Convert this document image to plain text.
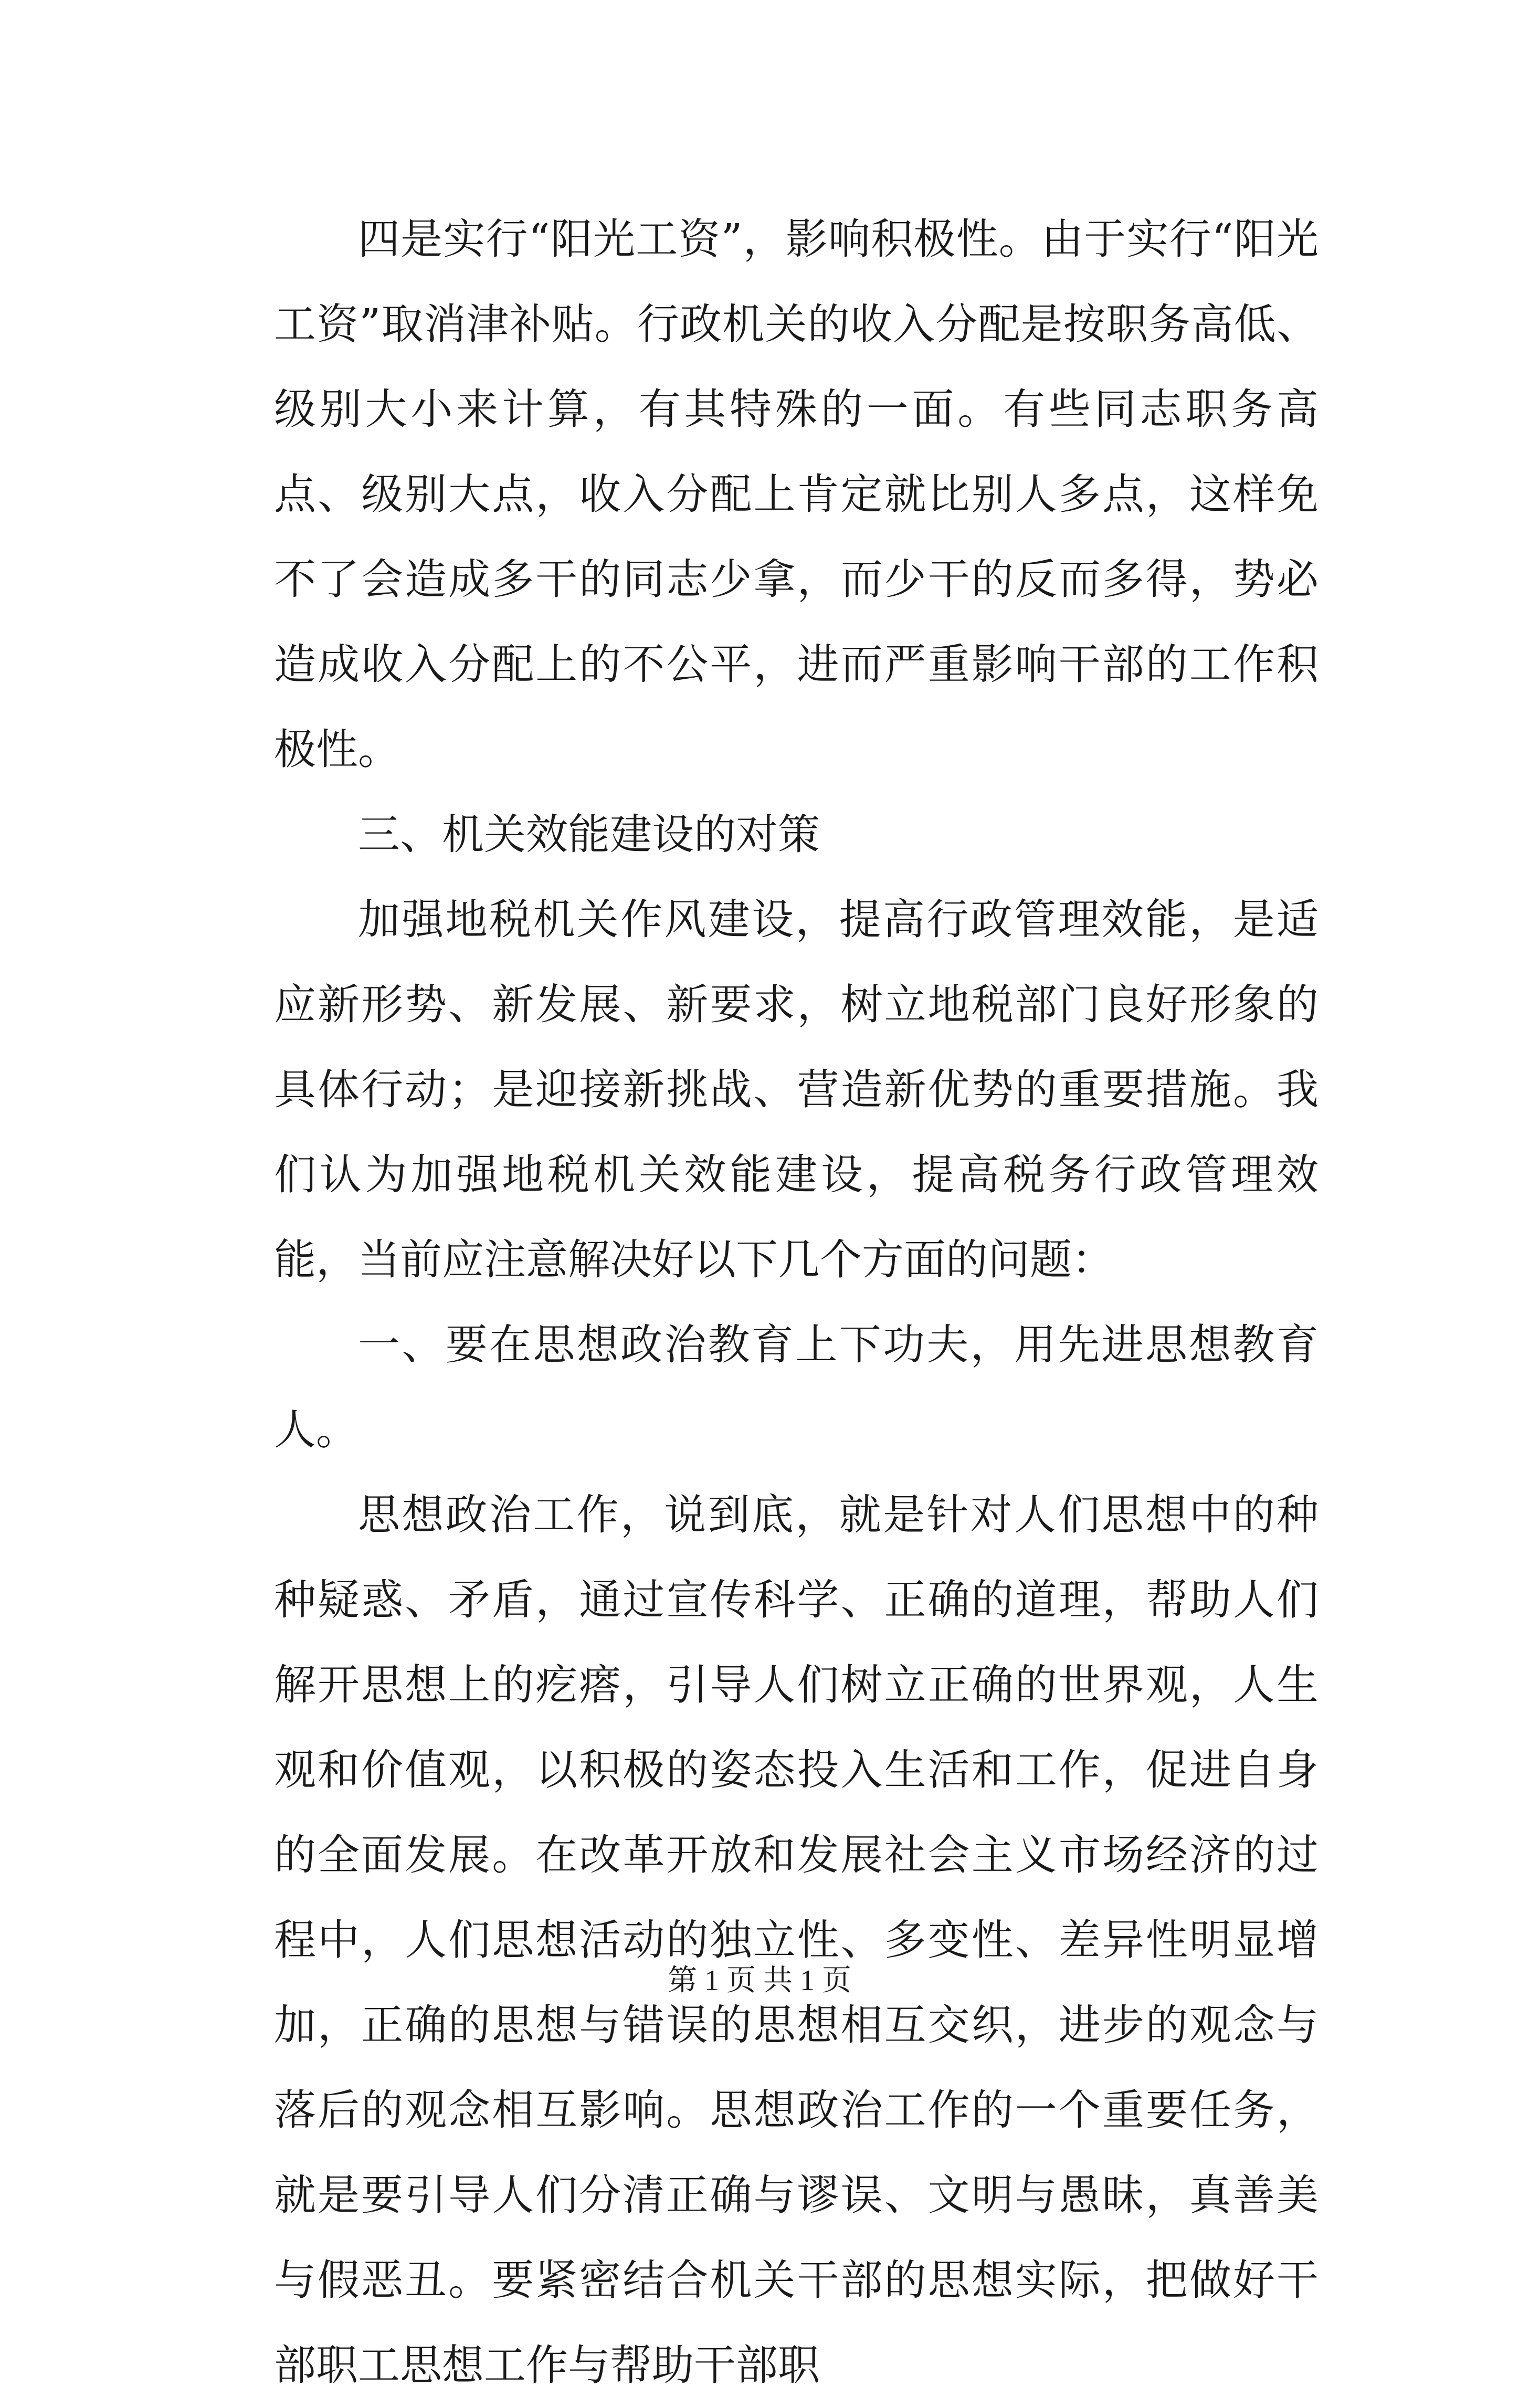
四是实行“阳光工资”，影响积极性。由于实行“阳光工资”取消津补贴。行政机关的收入分配是按职务高低、级别大小来计算，有其特殊的一面。有些同志职务高点、级别大点，收入分配上肯定就比别人多点，这样免不了会造成多干的同志少拿，而少干的反而多得，势必造成收入分配上的不公平，进而严重影响干部的工作积极性。

三、机关效能建设的对策

加强地税机关作风建设，提高行政管理效能，是适应新形势、新发展、新要求，树立地税部门良好形象的具体行动；是迎接新挑战、营造新优势的重要措施。我们认为加强地税机关效能建设，提高税务行政管理效能，当前应注意解决好以下几个方面的问题：

一、要在思想政治教育上下功夫，用先进思想教育人。

思想政治工作，说到底，就是针对人们思想中的种种疑惑、矛盾，通过宣传科学、正确的道理，帮助人们解开思想上的疙瘩，引导人们树立正确的世界观，人生观和价值观，以积极的姿态投入生活和工作，促进自身的全面发展。在改革开放和发展社会主义市场经济的过程中，人们思想活动的独立性、多变性、差异性明显增加，正确的思想与错误的思想相互交织，进步的观念与落后的观念相互影响。思想政治工作的一个重要任务，就是要引导人们分清正确与谬误、文明与愚昧，真善美与假恶丑。要紧密结合机关干部的思想实际，把做好干部职工思想工作与帮助干部职

第 1 页 共 1 页
